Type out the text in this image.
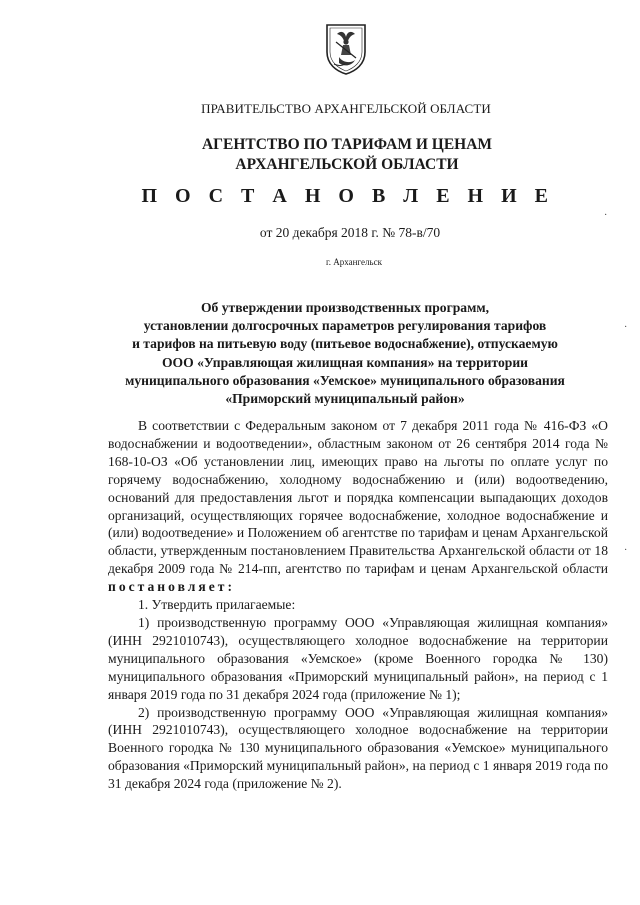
ПРАВИТЕЛЬСТВО АРХАНГЕЛЬСКОЙ ОБЛАСТИ
АГЕНТСТВО ПО ТАРИФАМ И ЦЕНАМ
АРХАНГЕЛЬСКОЙ ОБЛАСТИ
П О С Т А Н О В Л Е Н И Е
от 20 декабря 2018 г. № 78-в/70
г. Архангельск
Об утверждении производственных программ,
установлении долгосрочных параметров регулирования тарифов
и тарифов на питьевую воду (питьевое водоснабжение), отпускаемую
ООО «Управляющая жилищная компания» на территории
муниципального образования «Уемское» муниципального образования
«Приморский муниципальный район»

В соответствии с Федеральным законом от 7 декабря 2011 года № 416-ФЗ «О водоснабжении и водоотведении», областным законом от 26 сентября 2014 года № 168-10-ОЗ «Об установлении лиц, имеющих право на льготы по оплате услуг по горячему водоснабжению, холодному водоснабжению и (или) водоотведению, оснований для предоставления льгот и порядка компенсации выпадающих доходов организаций, осуществляющих горячее водоснабжение, холодное водоснабжение и (или) водоотведение» и Положением об агентстве по тарифам и ценам Архангельской области, утвержденным постановлением Правительства Архангельской области от 18 декабря 2009 года № 214-пп, агентство по тарифам и ценам Архангельской области постановляет:

1. Утвердить прилагаемые:

1) производственную программу ООО «Управляющая жилищная компания» (ИНН 2921010743), осуществляющего холодное водоснабжение на территории муниципального образования «Уемское» (кроме Военного городка № 130) муниципального образования «Приморский муниципальный район», на период с 1 января 2019 года по 31 декабря 2024 года (приложение № 1);

2) производственную программу ООО «Управляющая жилищная компания» (ИНН 2921010743), осуществляющего холодное водоснабжение на территории Военного городка № 130 муниципального образования «Уемское» муниципального образования «Приморский муниципальный район», на период с 1 января 2019 года по 31 декабря 2024 года (приложение № 2).

·
·
·
